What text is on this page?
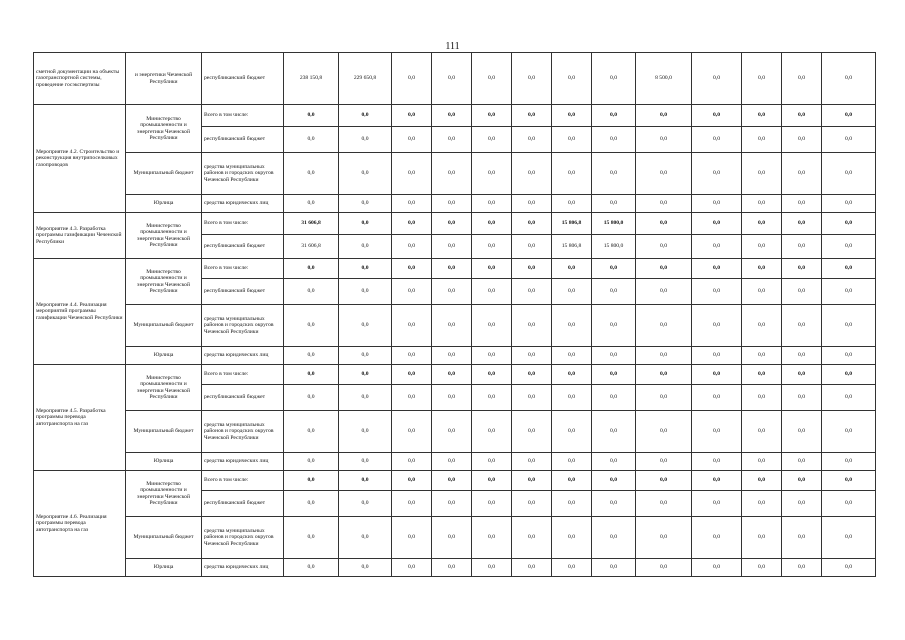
111
сметной документации на объекты газотранспортной системы, проведение госэкспертизы	и энергетики Чеченской Республики	республиканский бюджет	238 150,8	229 650,8	0,0	0,0	0,0	0,0	0,0	0,0	8 500,0	0,0	0,0	0,0	0,0
Мероприятие 4.2. Строительство и реконструкция внутрипоселковых газопроводов	Министерство промышленности и энергетики Чеченской Республики	Всего в том числе:	0,0	0,0	0,0	0,0	0,0	0,0	0,0	0,0	0,0	0,0	0,0	0,0	0,0
		республиканский бюджет	0,0	0,0	0,0	0,0	0,0	0,0	0,0	0,0	0,0	0,0	0,0	0,0	0,0
	Муниципальный бюджет	средства муниципальных районов и городских округов Чеченской Республики	0,0	0,0	0,0	0,0	0,0	0,0	0,0	0,0	0,0	0,0	0,0	0,0	0,0
	Юрлица	средства юридических лиц	0,0	0,0	0,0	0,0	0,0	0,0	0,0	0,0	0,0	0,0	0,0	0,0	0,0
Мероприятие 4.3. Разработка программы газификации Чеченской Республики	Министерство промышленности и энергетики Чеченской Республики	Всего в том числе:	31 606,8	0,0	0,0	0,0	0,0	0,0	15 806,8	15 800,0	0,0	0,0	0,0	0,0	0,0
		республиканский бюджет	31 606,8	0,0	0,0	0,0	0,0	0,0	15 806,8	15 800,0	0,0	0,0	0,0	0,0	0,0
Мероприятие 4.4. Реализация мероприятий программы газификации Чеченской Республики	Министерство промышленности и энергетики Чеченской Республики	Всего в том числе:	0,0	0,0	0,0	0,0	0,0	0,0	0,0	0,0	0,0	0,0	0,0	0,0	0,0
		республиканский бюджет	0,0	0,0	0,0	0,0	0,0	0,0	0,0	0,0	0,0	0,0	0,0	0,0	0,0
	Муниципальный бюджет	средства муниципальных районов и городских округов Чеченской Республики	0,0	0,0	0,0	0,0	0,0	0,0	0,0	0,0	0,0	0,0	0,0	0,0	0,0
	Юрлица	средства юридических лиц	0,0	0,0	0,0	0,0	0,0	0,0	0,0	0,0	0,0	0,0	0,0	0,0	0,0
Мероприятие 4.5. Разработка программы перевода автотранспорта на газ	Министерство промышленности и энергетики Чеченской Республики	Всего в том числе:	0,0	0,0	0,0	0,0	0,0	0,0	0,0	0,0	0,0	0,0	0,0	0,0	0,0
		республиканский бюджет	0,0	0,0	0,0	0,0	0,0	0,0	0,0	0,0	0,0	0,0	0,0	0,0	0,0
	Муниципальный бюджет	средства муниципальных районов и городских округов Чеченской Республики	0,0	0,0	0,0	0,0	0,0	0,0	0,0	0,0	0,0	0,0	0,0	0,0	0,0
	Юрлица	средства юридических лиц	0,0	0,0	0,0	0,0	0,0	0,0	0,0	0,0	0,0	0,0	0,0	0,0	0,0
Мероприятие 4.6. Реализация программы перевода автотранспорта на газ	Министерство промышленности и энергетики Чеченской Республики	Всего в том числе:	0,0	0,0	0,0	0,0	0,0	0,0	0,0	0,0	0,0	0,0	0,0	0,0	0,0
		республиканский бюджет	0,0	0,0	0,0	0,0	0,0	0,0	0,0	0,0	0,0	0,0	0,0	0,0	0,0
	Муниципальный бюджет	средства муниципальных районов и городских округов Чеченской Республики	0,0	0,0	0,0	0,0	0,0	0,0	0,0	0,0	0,0	0,0	0,0	0,0	0,0
	Юрлица	средства юридических лиц	0,0	0,0	0,0	0,0	0,0	0,0	0,0	0,0	0,0	0,0	0,0	0,0	0,0
